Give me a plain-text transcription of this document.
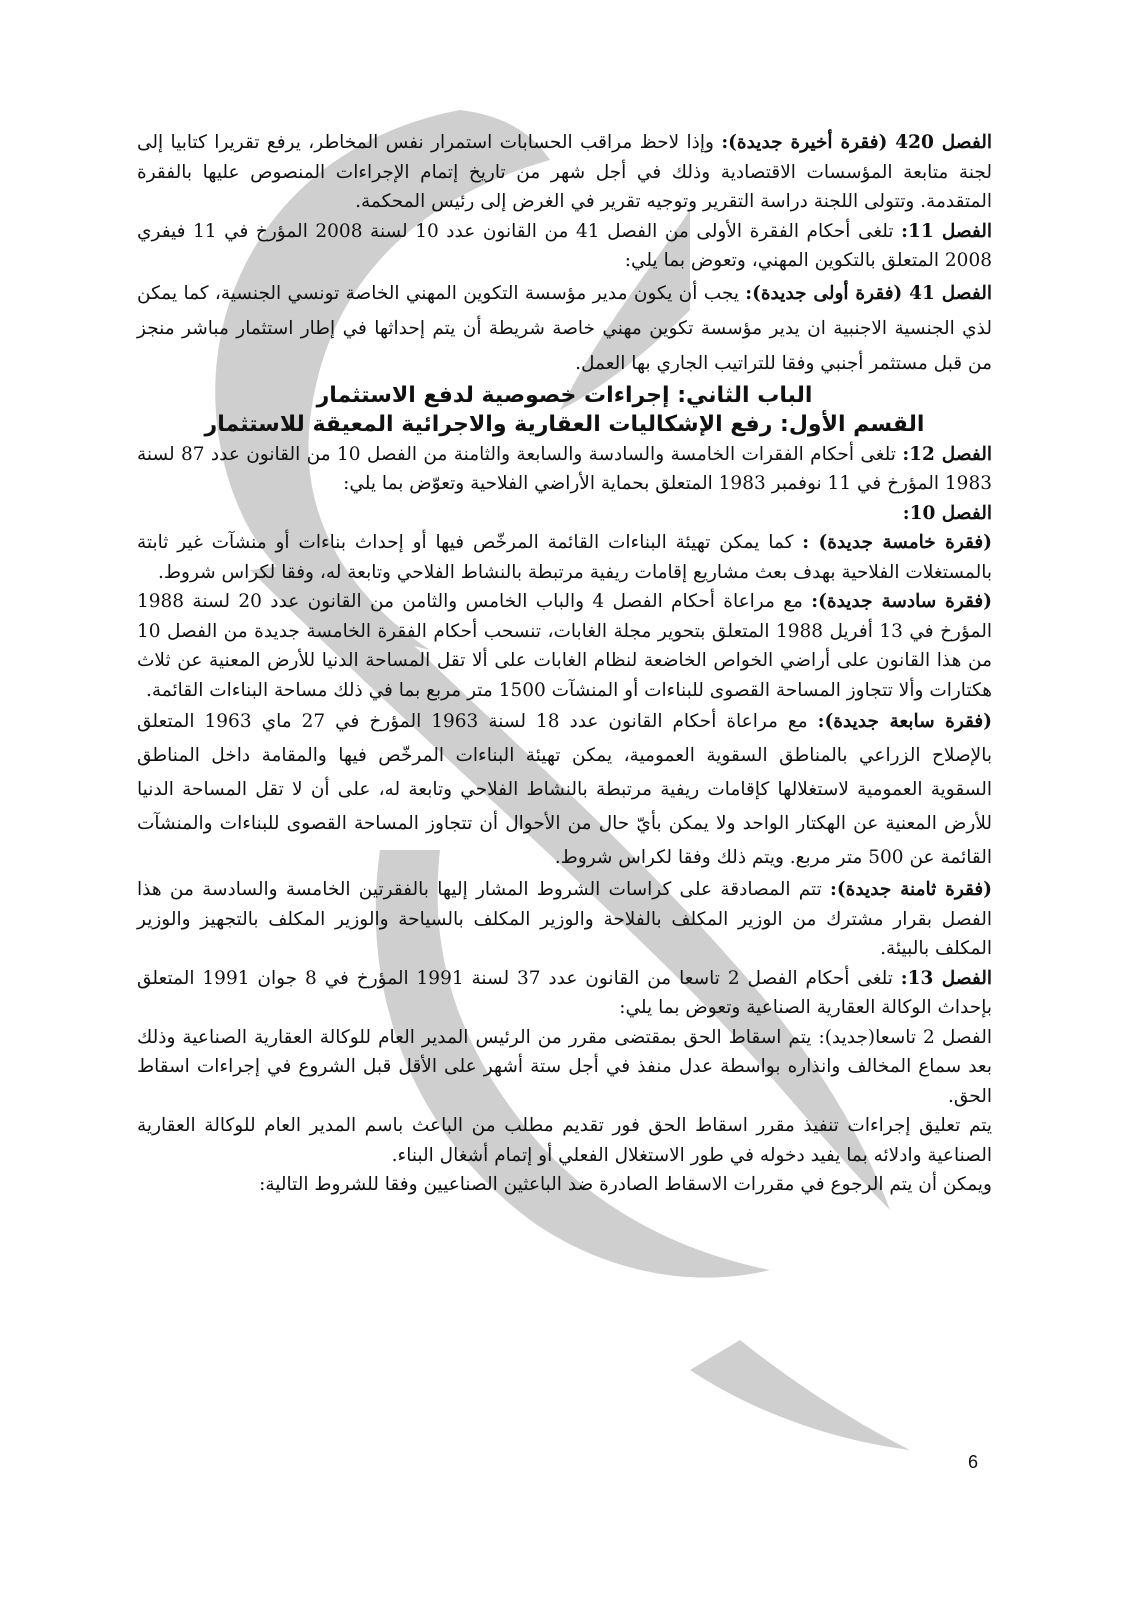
الفصل 420 (فقرة أخيرة جديدة): وإذا لاحظ مراقب الحسابات استمرار نفس المخاطر، يرفع تقريرا كتابيا إلى لجنة متابعة المؤسسات الاقتصادية وذلك في أجل شهر من تاريخ إتمام الإجراءات المنصوص عليها بالفقرة المتقدمة. وتتولى اللجنة دراسة التقرير وتوجيه تقرير في الغرض إلى رئيس المحكمة.

الفصل 11: تلغى أحكام الفقرة الأولى من الفصل 41 من القانون عدد 10 لسنة 2008 المؤرخ في 11 فيفري 2008 المتعلق بالتكوين المهني، وتعوض بما يلي:

الفصل 41 (فقرة أولى جديدة): يجب أن يكون مدير مؤسسة التكوين المهني الخاصة تونسي الجنسية، كما يمكن لذي الجنسية الاجنبية ان يدير مؤسسة تكوين مهني خاصة شريطة أن يتم إحداثها في إطار استثمار مباشر منجز من قبل مستثمر أجنبي وفقا للتراتيب الجاري بها العمل.

الباب الثاني: إجراءات خصوصية لدفع الاستثمار

القسم الأول: رفع الإشكاليات العقارية والاجرائية المعيقة للاستثمار

الفصل 12: تلغى أحكام الفقرات الخامسة والسادسة والسابعة والثامنة من الفصل 10 من القانون عدد 87 لسنة 1983 المؤرخ في 11 نوفمبر 1983 المتعلق بحماية الأراضي الفلاحية وتعوّض بما يلي:

الفصل 10:

(فقرة خامسة جديدة) : كما يمكن تهيئة البناءات القائمة المرخّص فيها أو إحداث بناءات أو منشآت غير ثابتة بالمستغلات الفلاحية بهدف بعث مشاريع إقامات ريفية مرتبطة بالنشاط الفلاحي وتابعة له، وفقا لكراس شروط.

(فقرة سادسة جديدة): مع مراعاة أحكام الفصل 4 والباب الخامس والثامن من القانون عدد 20 لسنة 1988 المؤرخ في 13 أفريل 1988 المتعلق بتحوير مجلة الغابات، تنسحب أحكام الفقرة الخامسة جديدة من الفصل 10 من هذا القانون على أراضي الخواص الخاضعة لنظام الغابات على ألا تقل المساحة الدنيا للأرض المعنية عن ثلاث هكتارات وألا تتجاوز المساحة القصوى للبناءات أو المنشآت 1500 متر مربع بما في ذلك مساحة البناءات القائمة.

(فقرة سابعة جديدة): مع مراعاة أحكام القانون عدد 18 لسنة 1963 المؤرخ في 27 ماي 1963 المتعلق بالإصلاح الزراعي بالمناطق السقوية العمومية، يمكن تهيئة البناءات المرخّص فيها والمقامة داخل المناطق السقوية العمومية لاستغلالها كإقامات ريفية مرتبطة بالنشاط الفلاحي وتابعة له، على أن لا تقل المساحة الدنيا للأرض المعنية عن الهكتار الواحد ولا يمكن بأيّ حال من الأحوال أن تتجاوز المساحة القصوى للبناءات والمنشآت القائمة عن 500 متر مربع. ويتم ذلك وفقا لكراس شروط.

(فقرة ثامنة جديدة): تتم المصادقة على كراسات الشروط المشار إليها بالفقرتين الخامسة والسادسة من هذا الفصل بقرار مشترك من الوزير المكلف بالفلاحة والوزير المكلف بالسياحة والوزير المكلف بالتجهيز والوزير المكلف بالبيئة.

الفصل 13: تلغى أحكام الفصل 2 تاسعا من القانون عدد 37 لسنة 1991 المؤرخ في 8 جوان 1991 المتعلق بإحداث الوكالة العقارية الصناعية وتعوض بما يلي:

الفصل 2 تاسعا(جديد): يتم اسقاط الحق بمقتضى مقرر من الرئيس المدير العام للوكالة العقارية الصناعية وذلك بعد سماع المخالف وانذاره بواسطة عدل منفذ في أجل ستة أشهر على الأقل قبل الشروع في إجراءات اسقاط الحق.

يتم تعليق إجراءات تنفيذ مقرر اسقاط الحق فور تقديم مطلب من الباعث باسم المدير العام للوكالة العقارية الصناعية وادلائه بما يفيد دخوله في طور الاستغلال الفعلي أو إتمام أشغال البناء.

ويمكن أن يتم الرجوع في مقررات الاسقاط الصادرة ضد الباعثين الصناعيين وفقا للشروط التالية:

6
